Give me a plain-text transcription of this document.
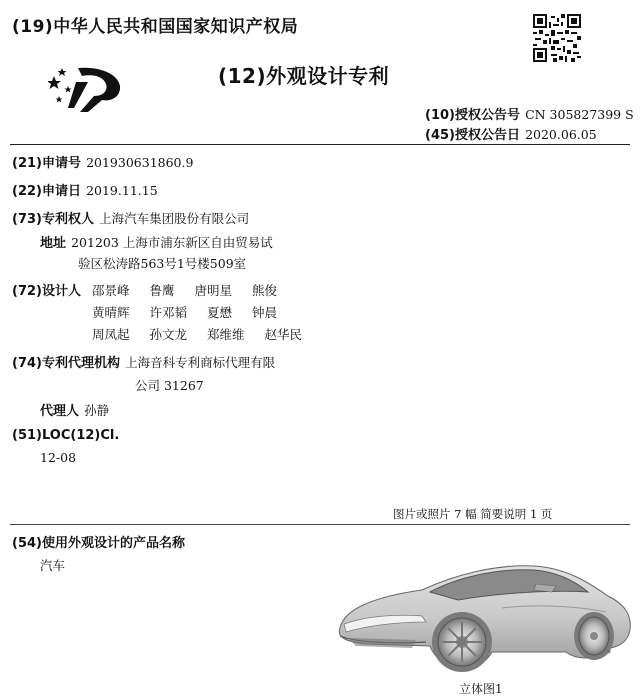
(19)中华人民共和国国家知识产权局
(12)外观设计专利
(10)授权公告号 CN 305827399 S
(45)授权公告日 2020.06.05
(21)申请号 201930631860.9
(22)申请日 2019.11.15
(73)专利权人 上海汽车集团股份有限公司
地址 201203 上海市浦东新区自由贸易试
验区松涛路563号1号楼509室
(72)设计人 邵景峰 鲁鹰 唐明星 熊俊
黄晴辉 许邓韬 夏懋 钟晨
周凤起 孙文龙 郑维维 赵华民
(74)专利代理机构 上海音科专利商标代理有限
公司 31267
代理人 孙静
(51)LOC(12)Cl.
12-08
图片或照片 7 幅 简要说明 1 页
(54)使用外观设计的产品名称
汽车
立体图1
